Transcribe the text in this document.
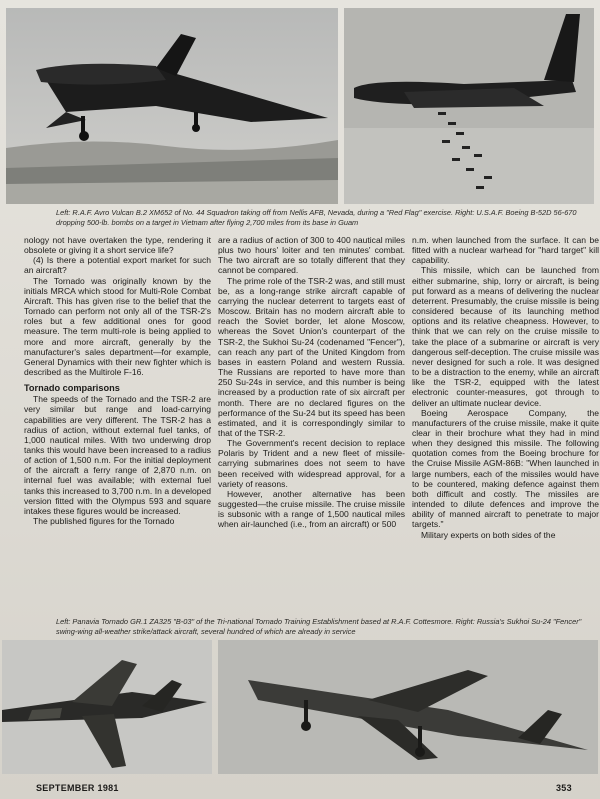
Left: R.A.F. Avro Vulcan B.2 XM652 of No. 44 Squadron taking off from Nellis AFB, Nevada, during a "Red Flag" exercise. Right: U.S.A.F. Boeing B-52D 56-670 dropping 500-lb. bombs on a target in Vietnam after flying 2,700 miles from its base in Guam

nology not have overtaken the type, rendering it obsolete or giving it a short service life?

(4) Is there a potential export market for such an aircraft?

The Tornado was originally known by the initials MRCA which stood for Multi-Role Combat Aircraft. This has given rise to the belief that the Tornado can perform not only all of the TSR-2's roles but a few additional ones for good measure. The term multi-role is being applied to more and more aircraft, generally by the manufacturer's sales department—for example, General Dynamics with their new fighter which is described as the Multirole F-16.

Tornado comparisons

The speeds of the Tornado and the TSR-2 are very similar but range and load-carrying capabilities are very different. The TSR-2 has a radius of action, without external fuel tanks, of 1,000 nautical miles. With two underwing drop tanks this would have been increased to a radius of action of 1,500 n.m. For the initial deployment of the aircraft a ferry range of 2,870 n.m. on internal fuel was available; with external fuel tanks this increased to 3,700 n.m. In a developed version fitted with the Olympus 593 and square intakes these figures would be increased.

The published figures for the Tornado

are a radius of action of 300 to 400 nautical miles plus two hours' loiter and ten minutes' combat. The two aircraft are so totally different that they cannot be compared.

The prime role of the TSR-2 was, and still must be, as a long-range strike aircraft capable of carrying the nuclear deterrent to targets east of Moscow. Britain has no modern aircraft able to reach the Soviet border, let alone Moscow, whereas the Sovet Union's counterpart of the TSR-2, the Sukhoi Su-24 (codenamed "Fencer"), can reach any part of the United Kingdom from bases in eastern Poland and western Russia. The Russians are reported to have more than 250 Su-24s in service, and this number is being increased by a production rate of six aircraft per month. There are no declared figures on the performance of the Su-24 but its speed has been estimated, and it is correspondingly similar to that of the TSR-2.

The Government's recent decision to replace Polaris by Trident and a new fleet of missile-carrying submarines does not seem to have been received with widespread approval, for a variety of reasons.

However, another alternative has been suggested—the cruise missile. The cruise missile is subsonic with a range of 1,500 nautical miles when air-launched (i.e., from an aircraft) or 500

n.m. when launched from the surface. It can be fitted with a nuclear warhead for "hard target" kill capability.

This missile, which can be launched from either submarine, ship, lorry or aircraft, is being put forward as a means of delivering the nuclear deterrent. Presumably, the cruise missile is being considered because of its launching method options and its relative cheapness. However, to think that we can rely on the cruise missile to take the place of a submarine or aircraft is very dangerous self-deception. The cruise missile was never designed for such a role. It was designed to be a distraction to the enemy, while an aircraft like the TSR-2, equipped with the latest electronic counter-measures, got through to deliver an ultimate nuclear device.

Boeing Aerospace Company, the manufacturers of the cruise missile, make it quite clear in their brochure what they had in mind when they designed this missile. The following quotation comes from the Boeing brochure for the Cruise Missile AGM-86B: "When launched in large numbers, each of the missiles would have to be countered, making defence against them both difficult and costly. The missiles are intended to dilute defences and improve the ability of manned aircraft to penetrate to major targets."

Military experts on both sides of the

Left: Panavia Tornado GR.1 ZA325 "B-03" of the Tri-national Tornado Training Establishment based at R.A.F. Cottesmore. Right: Russia's Sukhoi Su-24 "Fencer" swing-wing all-weather strike/attack aircraft, several hundred of which are already in service

SEPTEMBER 1981	353
